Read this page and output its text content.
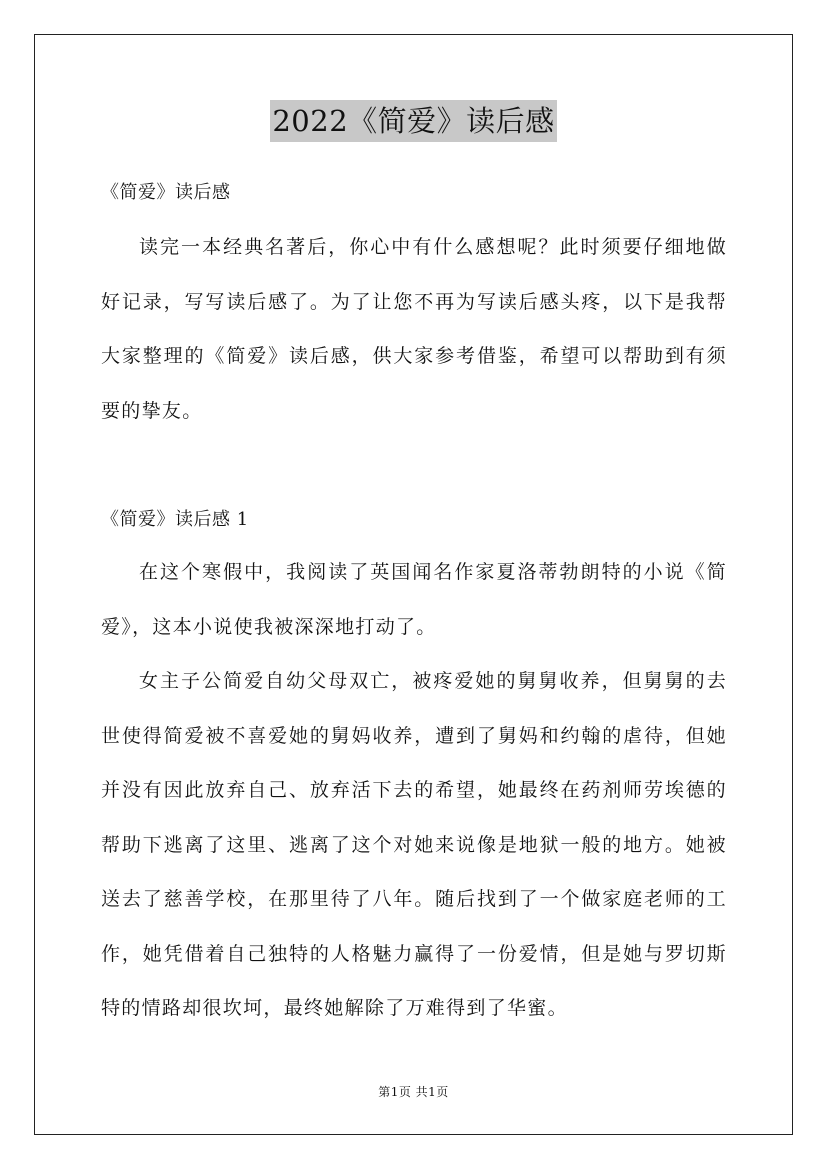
2022《简爱》读后感
《简爱》读后感

读完一本经典名著后，你心中有什么感想呢？此时须要仔细地做好记录，写写读后感了。为了让您不再为写读后感头疼，以下是我帮大家整理的《简爱》读后感，供大家参考借鉴，希望可以帮助到有须要的挚友。

《简爱》读后感 1

在这个寒假中，我阅读了英国闻名作家夏洛蒂勃朗特的小说《简爱》，这本小说使我被深深地打动了。

女主子公简爱自幼父母双亡，被疼爱她的舅舅收养，但舅舅的去世使得简爱被不喜爱她的舅妈收养，遭到了舅妈和约翰的虐待，但她并没有因此放弃自己、放弃活下去的希望，她最终在药剂师劳埃德的帮助下逃离了这里、逃离了这个对她来说像是地狱一般的地方。她被送去了慈善学校，在那里待了八年。随后找到了一个做家庭老师的工作，她凭借着自己独特的人格魅力赢得了一份爱情，但是她与罗切斯特的情路却很坎坷，最终她解除了万难得到了华蜜。

第1页 共1页
